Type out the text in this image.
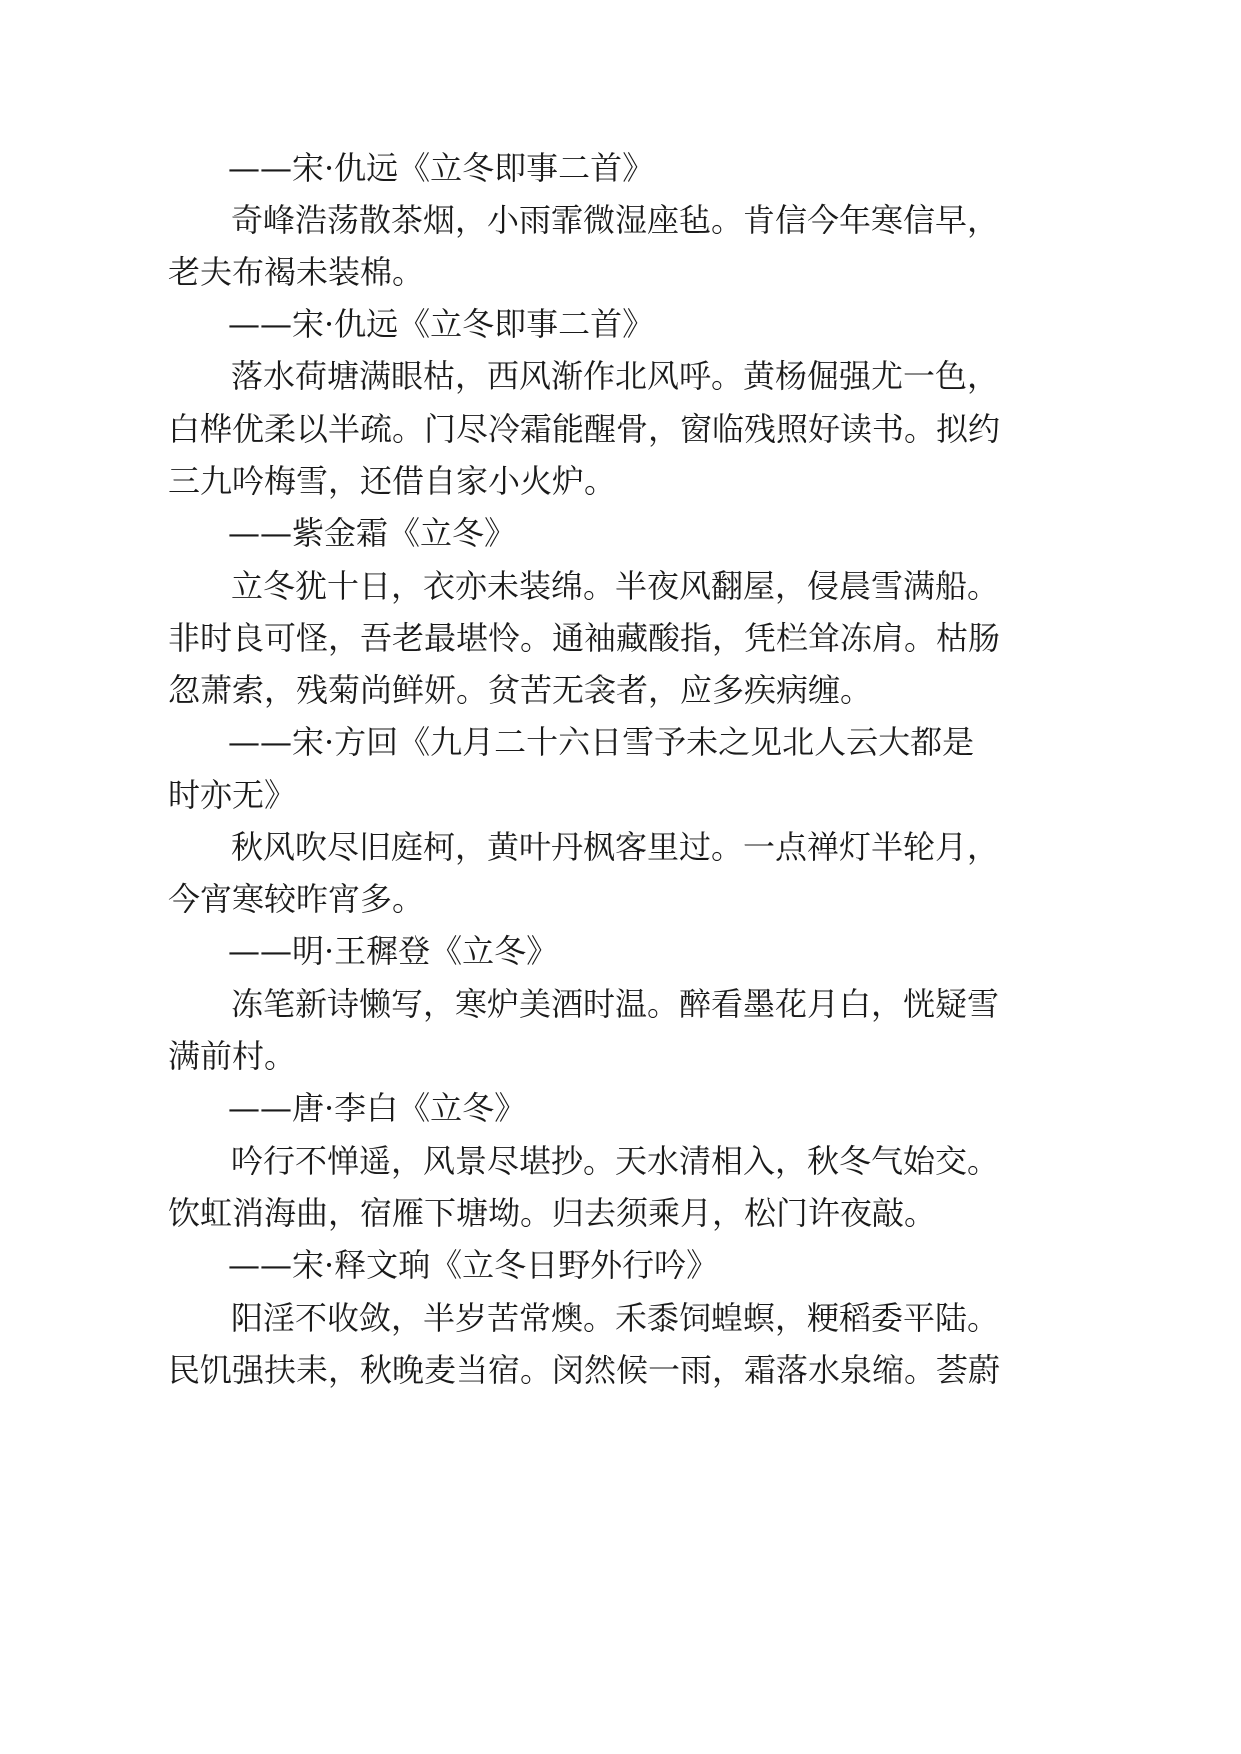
——宋·仇远《立冬即事二首》
奇峰浩荡散茶烟，小雨霏微湿座毡。肯信今年寒信早，
老夫布褐未装棉。
——宋·仇远《立冬即事二首》
落水荷塘满眼枯，西风渐作北风呼。黄杨倔强尤一色，
白桦优柔以半疏。门尽冷霜能醒骨，窗临残照好读书。拟约
三九吟梅雪，还借自家小火炉。
——紫金霜《立冬》
立冬犹十日，衣亦未装绵。半夜风翻屋，侵晨雪满船。
非时良可怪，吾老最堪怜。通袖藏酸指，凭栏耸冻肩。枯肠
忽萧索，残菊尚鲜妍。贫苦无衾者，应多疾病缠。
——宋·方回《九月二十六日雪予未之见北人云大都是
时亦无》
秋风吹尽旧庭柯，黄叶丹枫客里过。一点禅灯半轮月，
今宵寒较昨宵多。
——明·王穉登《立冬》
冻笔新诗懒写，寒炉美酒时温。醉看墨花月白，恍疑雪
满前村。
——唐·李白《立冬》
吟行不惮遥，风景尽堪抄。天水清相入，秋冬气始交。
饮虹消海曲，宿雁下塘坳。归去须乘月，松门许夜敲。
——宋·释文珦《立冬日野外行吟》
阳淫不收敛，半岁苦常燠。禾黍饲蝗螟，粳稻委平陆。
民饥强扶耒，秋晚麦当宿。闵然候一雨，霜落水泉缩。荟蔚
